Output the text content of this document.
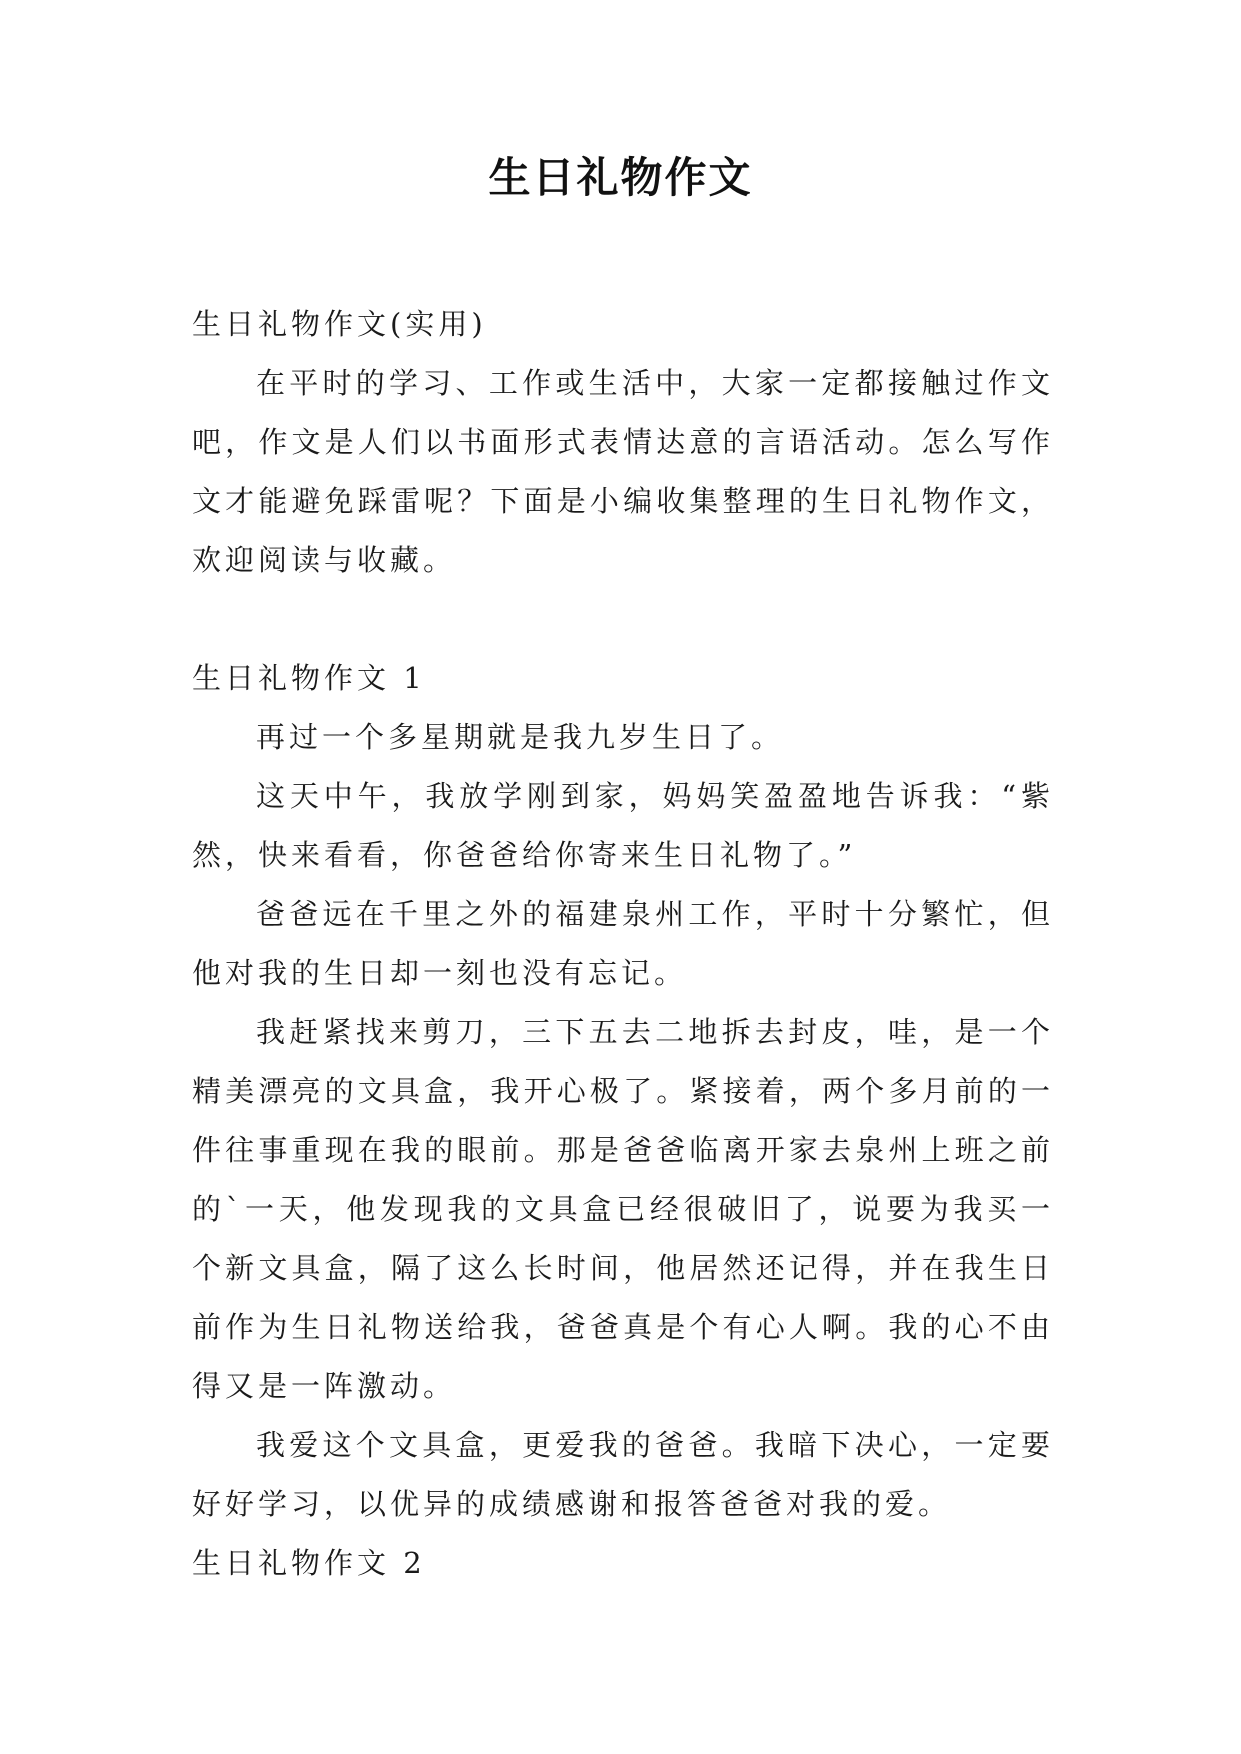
生日礼物作文

生日礼物作文(实用)

在平时的学习、工作或生活中，大家一定都接触过作文吧，作文是人们以书面形式表情达意的言语活动。怎么写作文才能避免踩雷呢？下面是小编收集整理的生日礼物作文，欢迎阅读与收藏。

生日礼物作文 1

再过一个多星期就是我九岁生日了。

这天中午，我放学刚到家，妈妈笑盈盈地告诉我：“紫然，快来看看，你爸爸给你寄来生日礼物了。”

爸爸远在千里之外的福建泉州工作，平时十分繁忙，但他对我的生日却一刻也没有忘记。

我赶紧找来剪刀，三下五去二地拆去封皮，哇，是一个精美漂亮的文具盒，我开心极了。紧接着，两个多月前的一件往事重现在我的眼前。那是爸爸临离开家去泉州上班之前的`一天，他发现我的文具盒已经很破旧了，说要为我买一个新文具盒，隔了这么长时间，他居然还记得，并在我生日前作为生日礼物送给我，爸爸真是个有心人啊。我的心不由得又是一阵激动。

我爱这个文具盒，更爱我的爸爸。我暗下决心，一定要好好学习，以优异的成绩感谢和报答爸爸对我的爱。

生日礼物作文 2
